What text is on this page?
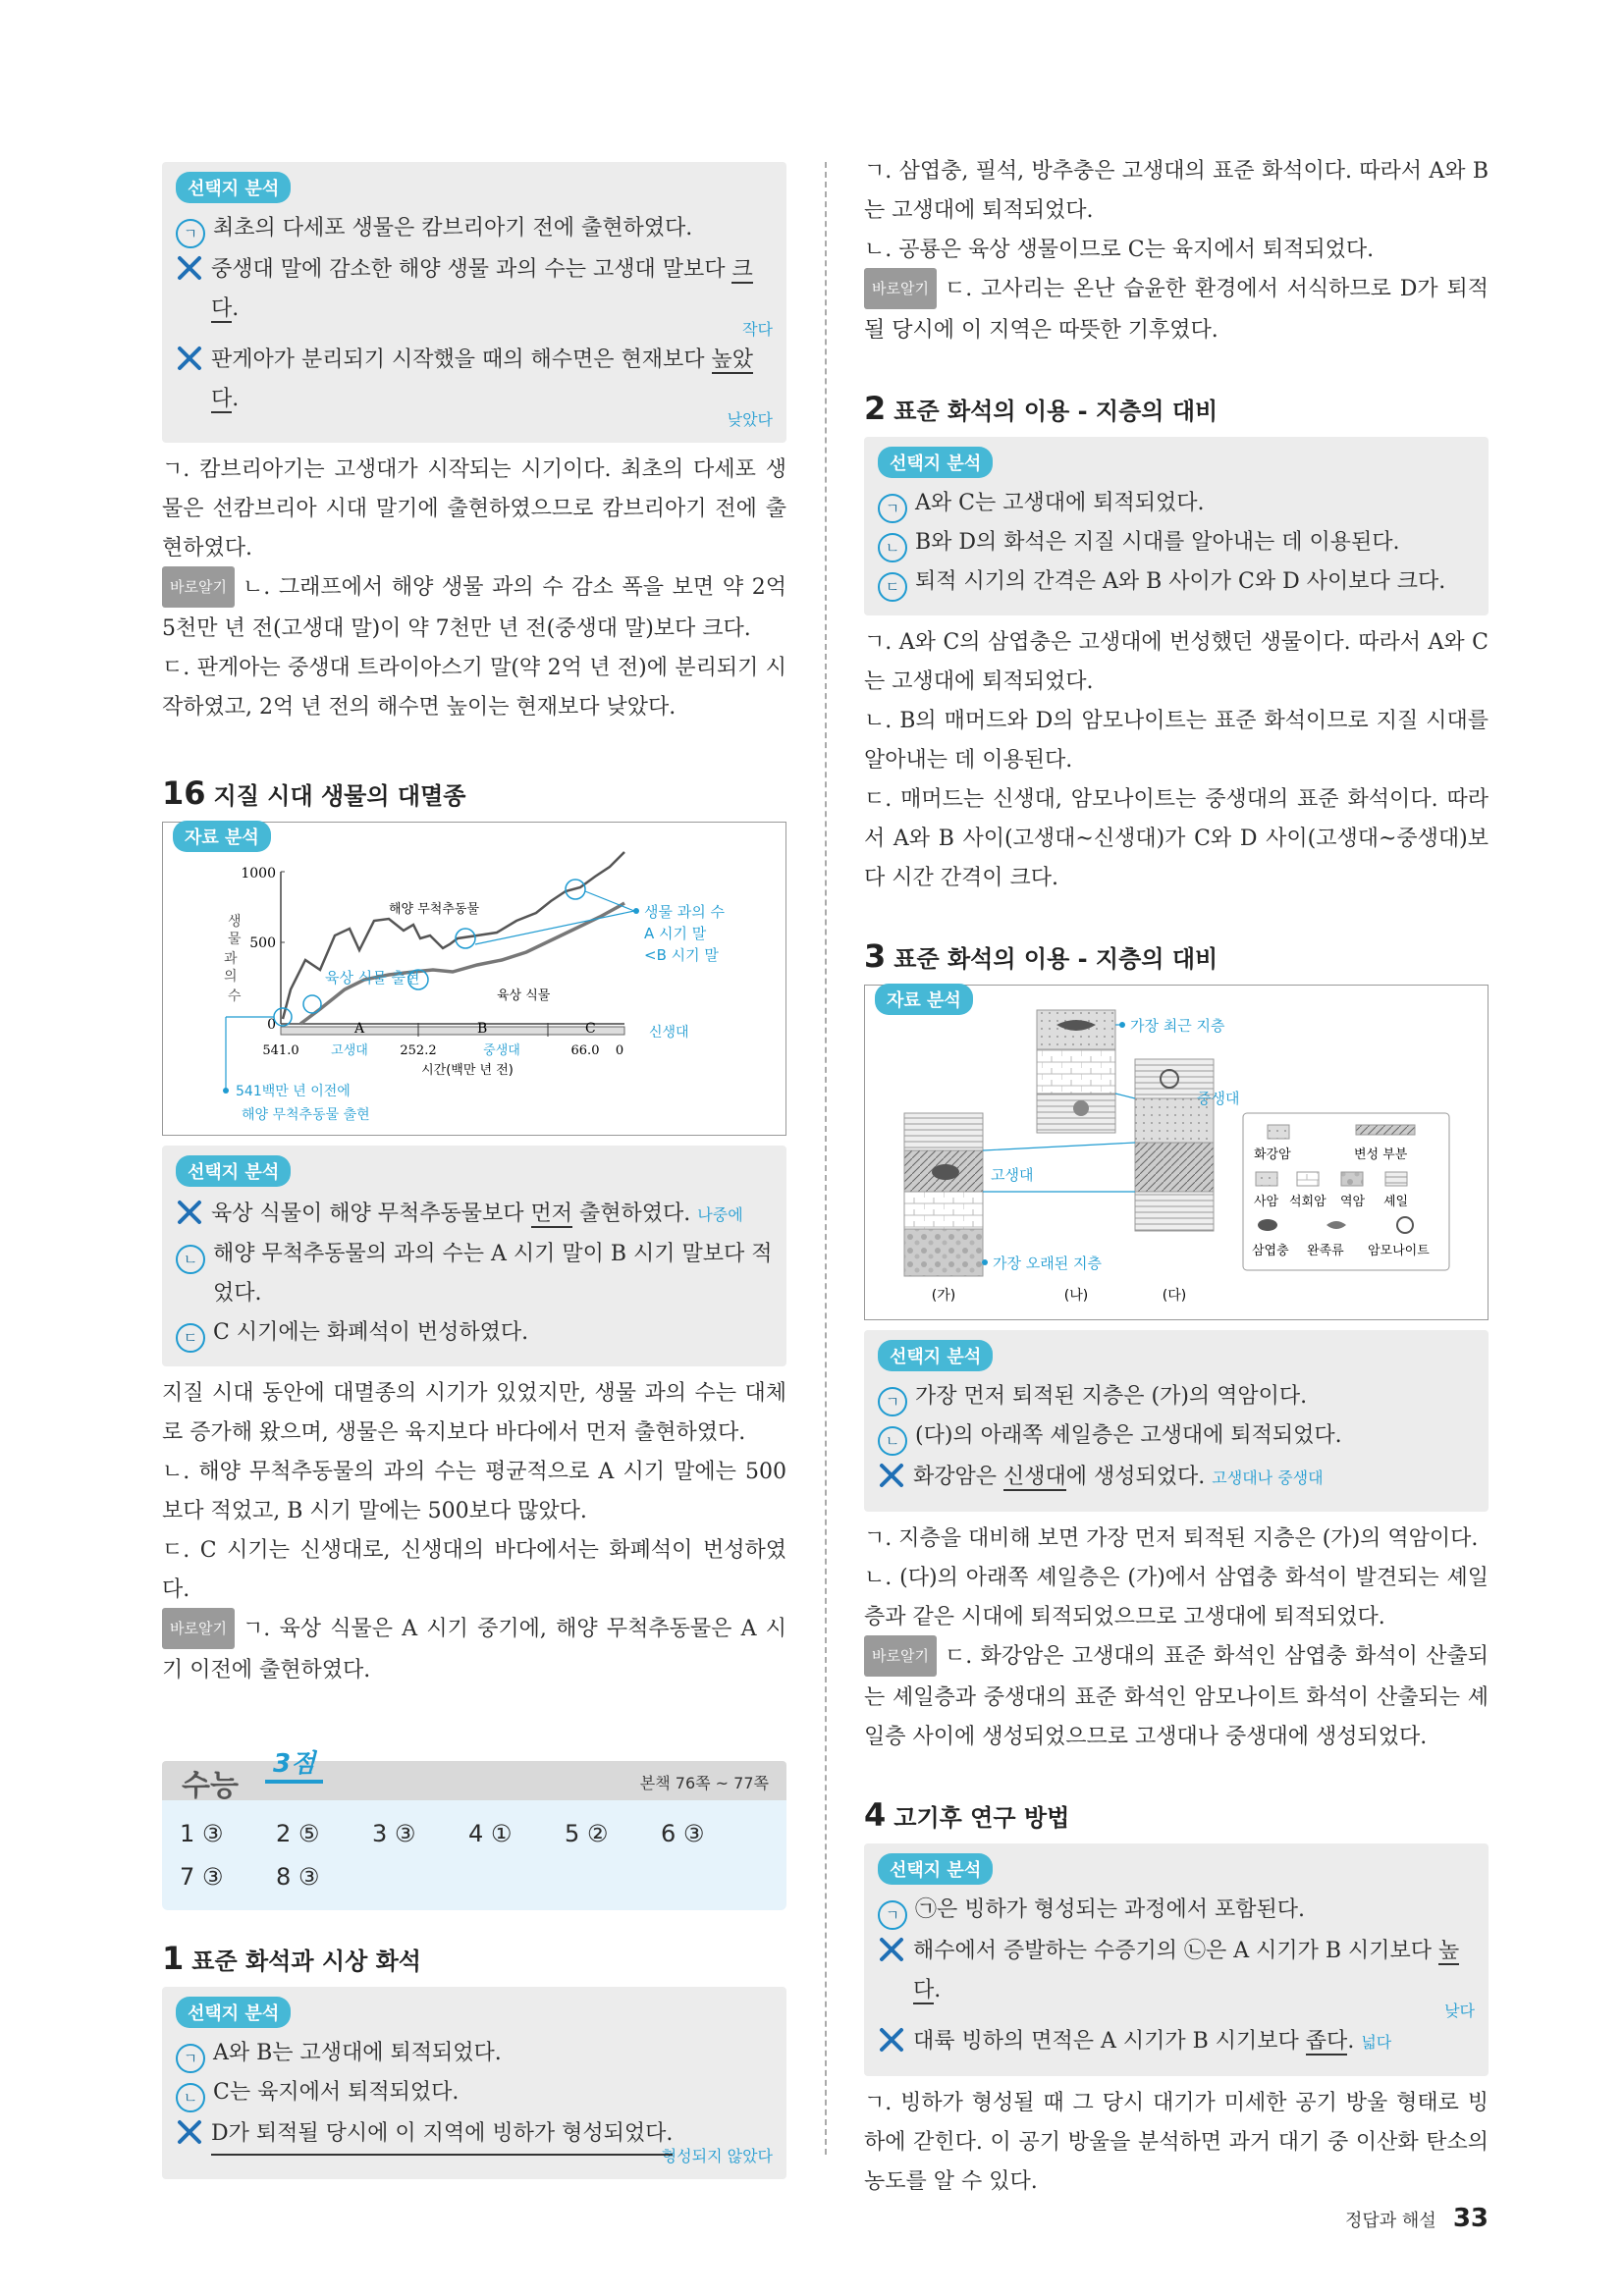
선택지 분석
ㄱ 최초의 다세포 생물은 캄브리아기 전에 출현하였다.
중생대 말에 감소한 해양 생물 과의 수는 고생대 말보다 크다.
작다
판게아가 분리되기 시작했을 때의 해수면은 현재보다 높았다.
낮았다

ㄱ. 캄브리아기는 고생대가 시작되는 시기이다. 최초의 다세포 생물은 선캄브리아 시대 말기에 출현하였으므로 캄브리아기 전에 출현하였다.

바로알기 ㄴ. 그래프에서 해양 생물 과의 수 감소 폭을 보면 약 2억 5천만 년 전(고생대 말)이 약 7천만 년 전(중생대 말)보다 크다.

ㄷ. 판게아는 중생대 트라이아스기 말(약 2억 년 전)에 분리되기 시작하였고, 2억 년 전의 해수면 높이는 현재보다 낮았다.

16 지질 시대 생물의 대멸종
자료 분석
1000
500
0
생 물 과 의 수
A	B	C
541.0	252.2	66.0 0
고생대	중생대
시간(백만 년 전)
신생대
해양 무척추동물
육상 식물
육상 식물 출현
생물 과의 수
A 시기 말
<B 시기 말
541백만 년 이전에
해양 무척추동물 출현
선택지 분석
육상 식물이 해양 무척추동물보다 먼저 출현하였다. 나중에
ㄴ 해양 무척추동물의 과의 수는 A 시기 말이 B 시기 말보다 적었다.
ㄷ C 시기에는 화폐석이 번성하였다.

지질 시대 동안에 대멸종의 시기가 있었지만, 생물 과의 수는 대체로 증가해 왔으며, 생물은 육지보다 바다에서 먼저 출현하였다.

ㄴ. 해양 무척추동물의 과의 수는 평균적으로 A 시기 말에는 500보다 적었고, B 시기 말에는 500보다 많았다.

ㄷ. C 시기는 신생대로, 신생대의 바다에서는 화폐석이 번성하였다.

바로알기 ㄱ. 육상 식물은 A 시기 중기에, 해양 무척추동물은 A 시기 이전에 출현하였다.

수능
3점
본책 76쪽 ~ 77쪽
1 ③ 2 ⑤ 3 ③ 4 ① 5 ② 6 ③
7 ③ 8 ③
1 표준 화석과 시상 화석
선택지 분석
ㄱ A와 B는 고생대에 퇴적되었다.
ㄴ C는 육지에서 퇴적되었다.
D가 퇴적될 당시에 이 지역에 빙하가 형성되었다.
형성되지 않았다

ㄱ. 삼엽충, 필석, 방추충은 고생대의 표준 화석이다. 따라서 A와 B는 고생대에 퇴적되었다.

ㄴ. 공룡은 육상 생물이므로 C는 육지에서 퇴적되었다.

바로알기 ㄷ. 고사리는 온난 습윤한 환경에서 서식하므로 D가 퇴적될 당시에 이 지역은 따뜻한 기후였다.

2 표준 화석의 이용 - 지층의 대비
선택지 분석
ㄱ A와 C는 고생대에 퇴적되었다.
ㄴ B와 D의 화석은 지질 시대를 알아내는 데 이용된다.
ㄷ 퇴적 시기의 간격은 A와 B 사이가 C와 D 사이보다 크다.

ㄱ. A와 C의 삼엽충은 고생대에 번성했던 생물이다. 따라서 A와 C는 고생대에 퇴적되었다.

ㄴ. B의 매머드와 D의 암모나이트는 표준 화석이므로 지질 시대를 알아내는 데 이용된다.

ㄷ. 매머드는 신생대, 암모나이트는 중생대의 표준 화석이다. 따라서 A와 B 사이(고생대~신생대)가 C와 D 사이(고생대~중생대)보다 시간 간격이 크다.

3 표준 화석의 이용 - 지층의 대비
자료 분석
가장 최근 지층
중생대
고생대
가장 오래된 지층
(가)	(나)	(다)
화강암	변성 부분
사암 석회암 역암 셰일
삼엽충 완족류 암모나이트
선택지 분석
ㄱ 가장 먼저 퇴적된 지층은 (가)의 역암이다.
ㄴ (다)의 아래쪽 셰일층은 고생대에 퇴적되었다.
화강암은 신생대에 생성되었다. 고생대나 중생대

ㄱ. 지층을 대비해 보면 가장 먼저 퇴적된 지층은 (가)의 역암이다.

ㄴ. (다)의 아래쪽 셰일층은 (가)에서 삼엽충 화석이 발견되는 셰일층과 같은 시대에 퇴적되었으므로 고생대에 퇴적되었다.

바로알기 ㄷ. 화강암은 고생대의 표준 화석인 삼엽충 화석이 산출되는 셰일층과 중생대의 표준 화석인 암모나이트 화석이 산출되는 셰일층 사이에 생성되었으므로 고생대나 중생대에 생성되었다.

4 고기후 연구 방법
선택지 분석
ㄱ ㉠은 빙하가 형성되는 과정에서 포함된다.
해수에서 증발하는 수증기의 ㉡은 A 시기가 B 시기보다 높다.
낮다
대륙 빙하의 면적은 A 시기가 B 시기보다 좁다. 넓다

ㄱ. 빙하가 형성될 때 그 당시 대기가 미세한 공기 방울 형태로 빙하에 갇힌다. 이 공기 방울을 분석하면 과거 대기 중 이산화 탄소의 농도를 알 수 있다.

정답과 해설 33
